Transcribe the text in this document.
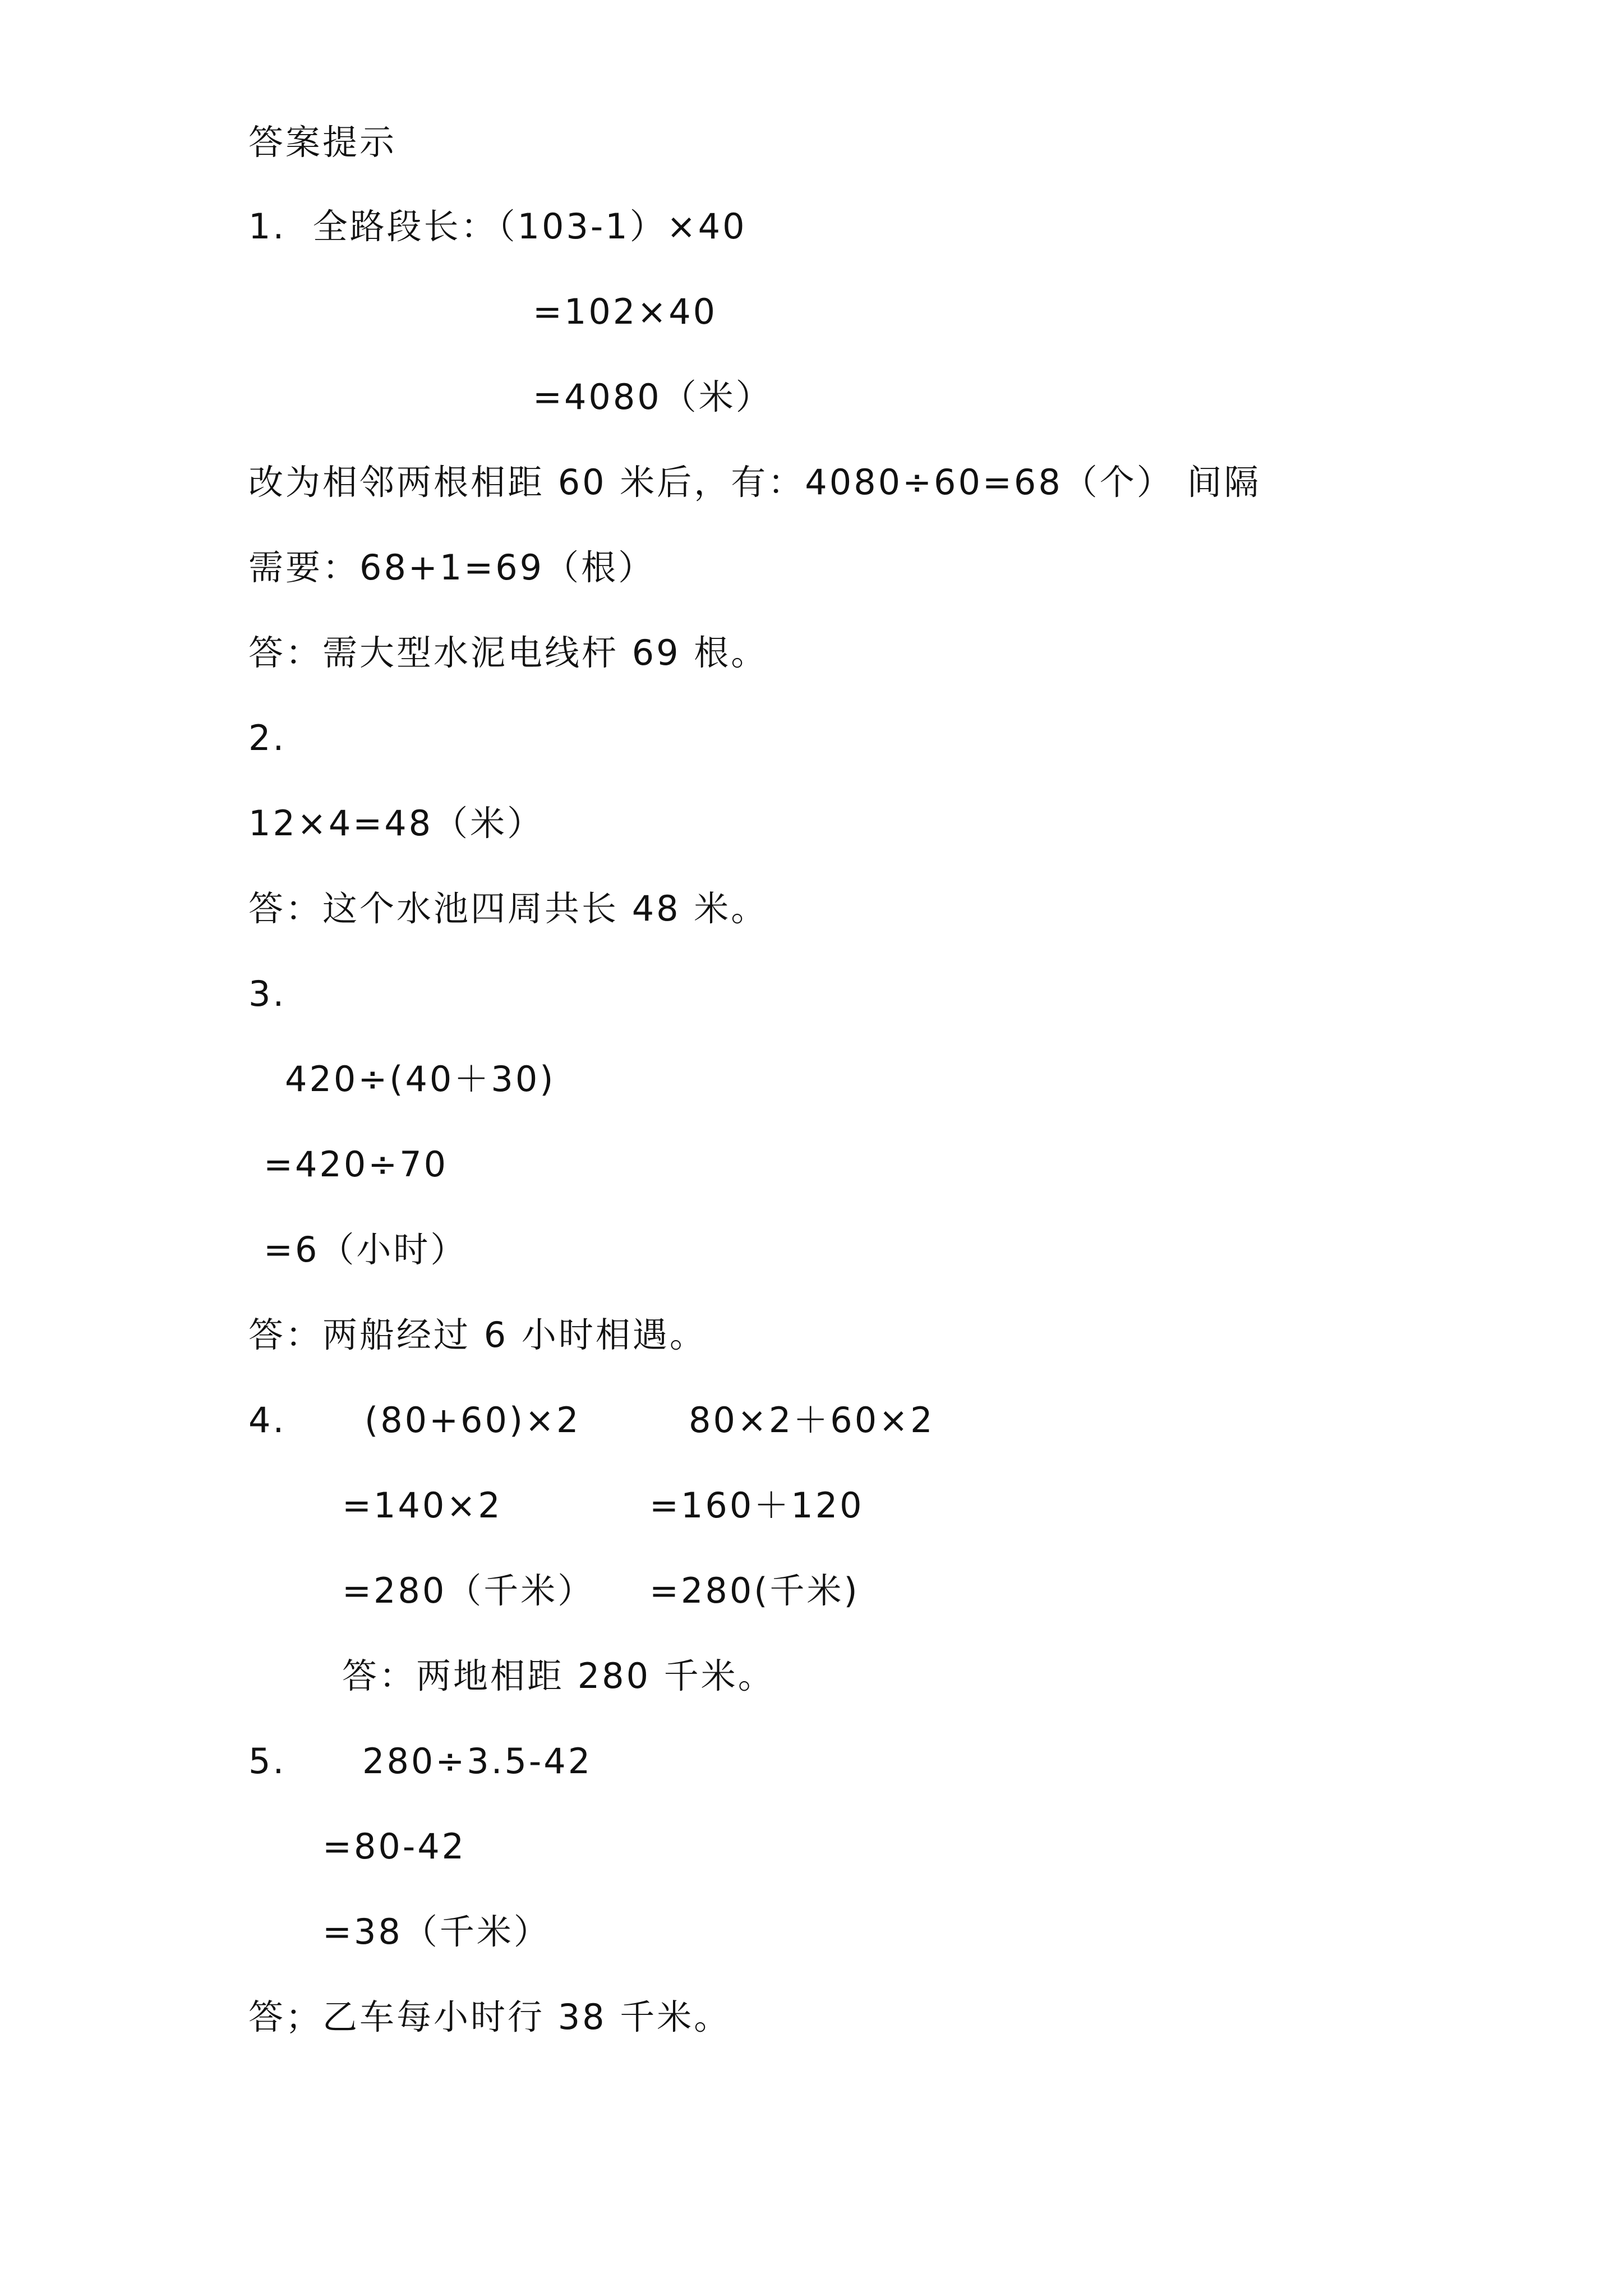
答案提示
1.  全路段长：（103-1）×40
=102×40
=4080（米）
改为相邻两根相距 60 米后，有：4080÷60=68（个） 间隔
需要：68+1=69（根）
答：需大型水泥电线杆 69 根。
2.
12×4=48（米）
答：这个水池四周共长 48 米。
3.
420÷(40＋30)
=420÷70
=6（小时）
答：两船经过 6 小时相遇。
4. (80+60)×2	80×2＋60×2
=140×2	=160＋120
=280（千米） =280(千米)
答：两地相距 280 千米。
5. 280÷3.5-42
=80-42
=38（千米）
答；乙车每小时行 38 千米。
